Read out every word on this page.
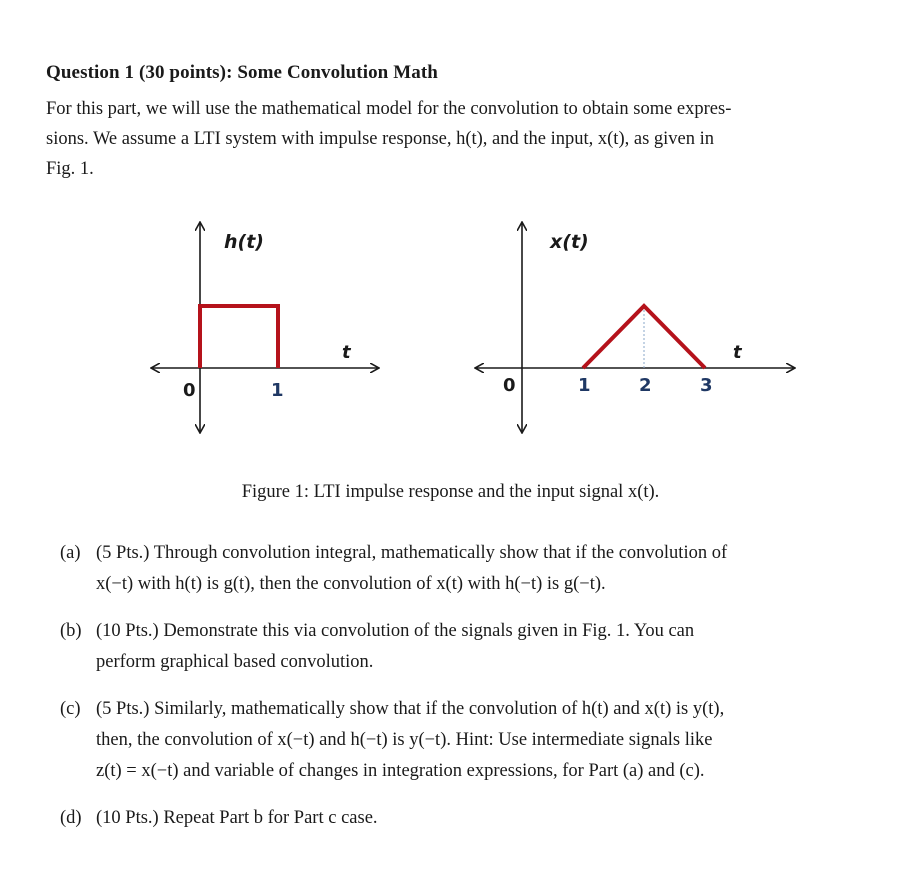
Question 1 (30 points): Some Convolution Math
For this part, we will use the mathematical model for the convolution to obtain some expres-
sions. We assume a LTI system with impulse response, h(t), and the input, x(t), as given in
Fig. 1.
h(t)
t
0	1
x(t)
t
0	1	2	3
Figure 1: LTI impulse response and the input signal x(t).
(a) (5 Pts.) Through convolution integral, mathematically show that if the convolution of
x(−t) with h(t) is g(t), then the convolution of x(t) with h(−t) is g(−t).
(b) (10 Pts.) Demonstrate this via convolution of the signals given in Fig. 1. You can
perform graphical based convolution.
(c) (5 Pts.) Similarly, mathematically show that if the convolution of h(t) and x(t) is y(t),
then, the convolution of x(−t) and h(−t) is y(−t). Hint: Use intermediate signals like
z(t) = x(−t) and variable of changes in integration expressions, for Part (a) and (c).
(d) (10 Pts.) Repeat Part b for Part c case.
